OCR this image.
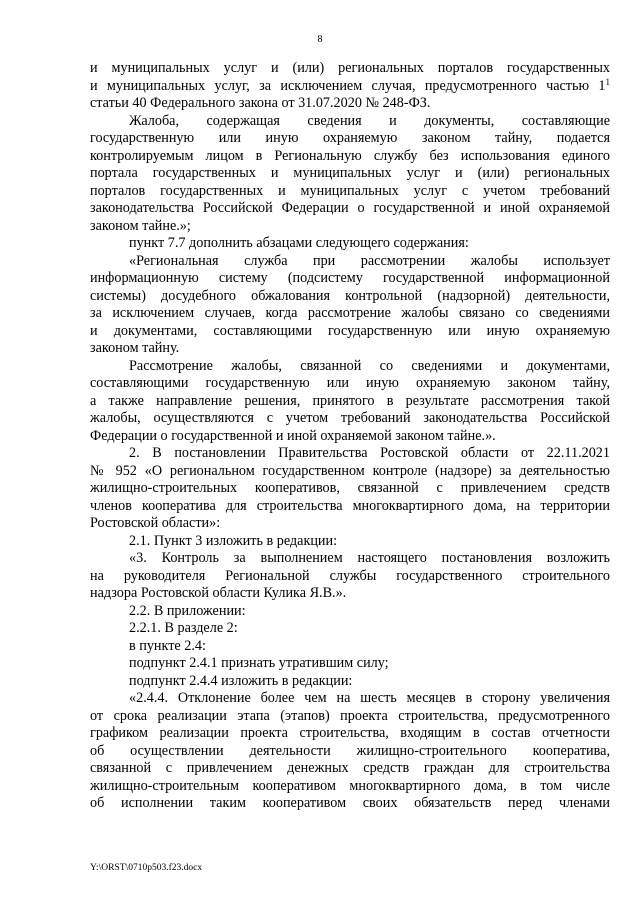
8
и муниципальных услуг и (или) региональных порталов государственных
и муниципальных услуг, за исключением случая, предусмотренного частью $1^1$
статьи 40 Федерального закона от 31.07.2020 № 248-ФЗ.
Жалоба, содержащая сведения и документы, составляющие
государственную или иную охраняемую законом тайну, подается
контролируемым лицом в Региональную службу без использования единого
портала государственных и муниципальных услуг и (или) региональных
порталов государственных и муниципальных услуг с учетом требований
законодательства Российской Федерации о государственной и иной охраняемой
законом тайне.»;
пункт 7.7 дополнить абзацами следующего содержания:
«Региональная служба при рассмотрении жалобы использует
информационную систему (подсистему государственной информационной
системы) досудебного обжалования контрольной (надзорной) деятельности,
за исключением случаев, когда рассмотрение жалобы связано со сведениями
и документами, составляющими государственную или иную охраняемую
законом тайну.
Рассмотрение жалобы, связанной со сведениями и документами,
составляющими государственную или иную охраняемую законом тайну,
а также направление решения, принятого в результате рассмотрения такой
жалобы, осуществляются с учетом требований законодательства Российской
Федерации о государственной и иной охраняемой законом тайне.».
2. В постановлении Правительства Ростовской области от 22.11.2021
№ 952 «О региональном государственном контроле (надзоре) за деятельностью
жилищно-строительных кооперативов, связанной с привлечением средств
членов кооператива для строительства многоквартирного дома, на территории
Ростовской области»:
2.1. Пункт 3 изложить в редакции:
«3. Контроль за выполнением настоящего постановления возложить
на руководителя Региональной службы государственного строительного
надзора Ростовской области Кулика Я.В.».
2.2. В приложении:
2.2.1. В разделе 2:
в пункте 2.4:
подпункт 2.4.1 признать утратившим силу;
подпункт 2.4.4 изложить в редакции:
«2.4.4. Отклонение более чем на шесть месяцев в сторону увеличения
от срока реализации этапа (этапов) проекта строительства, предусмотренного
графиком реализации проекта строительства, входящим в состав отчетности
об осуществлении деятельности жилищно-строительного кооператива,
связанной с привлечением денежных средств граждан для строительства
жилищно-строительным кооперативом многоквартирного дома, в том числе
об исполнении таким кооперативом своих обязательств перед членами
Y:\ORST\0710p503.f23.docx
